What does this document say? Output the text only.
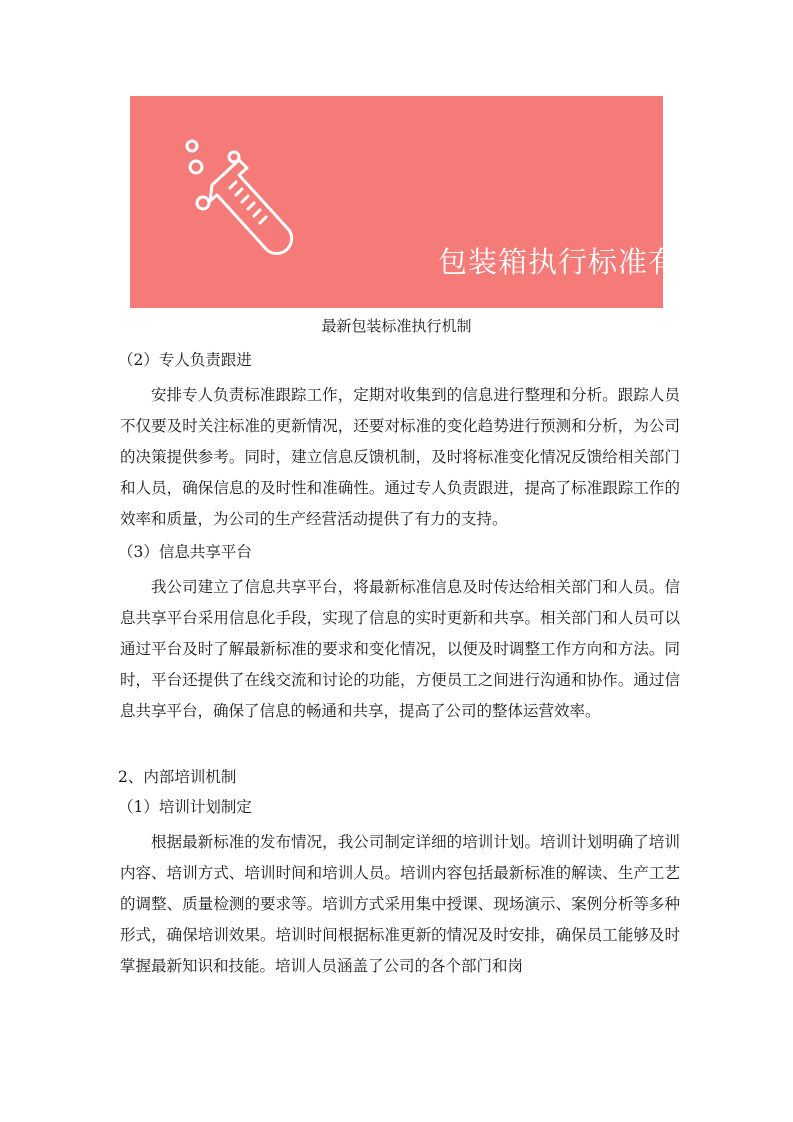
包装箱执行标准有哪些（汇总）
最新包装标准执行机制
（2）专人负责跟进

安排专人负责标准跟踪工作，定期对收集到的信息进行整理和分析。跟踪人员不仅要及时关注标准的更新情况，还要对标准的变化趋势进行预测和分析，为公司的决策提供参考。同时，建立信息反馈机制，及时将标准变化情况反馈给相关部门和人员，确保信息的及时性和准确性。通过专人负责跟进，提高了标准跟踪工作的效率和质量，为公司的生产经营活动提供了有力的支持。

（3）信息共享平台

我公司建立了信息共享平台，将最新标准信息及时传达给相关部门和人员。信息共享平台采用信息化手段，实现了信息的实时更新和共享。相关部门和人员可以通过平台及时了解最新标准的要求和变化情况，以便及时调整工作方向和方法。同时，平台还提供了在线交流和讨论的功能，方便员工之间进行沟通和协作。通过信息共享平台，确保了信息的畅通和共享，提高了公司的整体运营效率。

2、内部培训机制
（1）培训计划制定

根据最新标准的发布情况，我公司制定详细的培训计划。培训计划明确了培训内容、培训方式、培训时间和培训人员。培训内容包括最新标准的解读、生产工艺的调整、质量检测的要求等。培训方式采用集中授课、现场演示、案例分析等多种形式，确保培训效果。培训时间根据标准更新的情况及时安排，确保员工能够及时掌握最新知识和技能。培训人员涵盖了公司的各个部门和岗
